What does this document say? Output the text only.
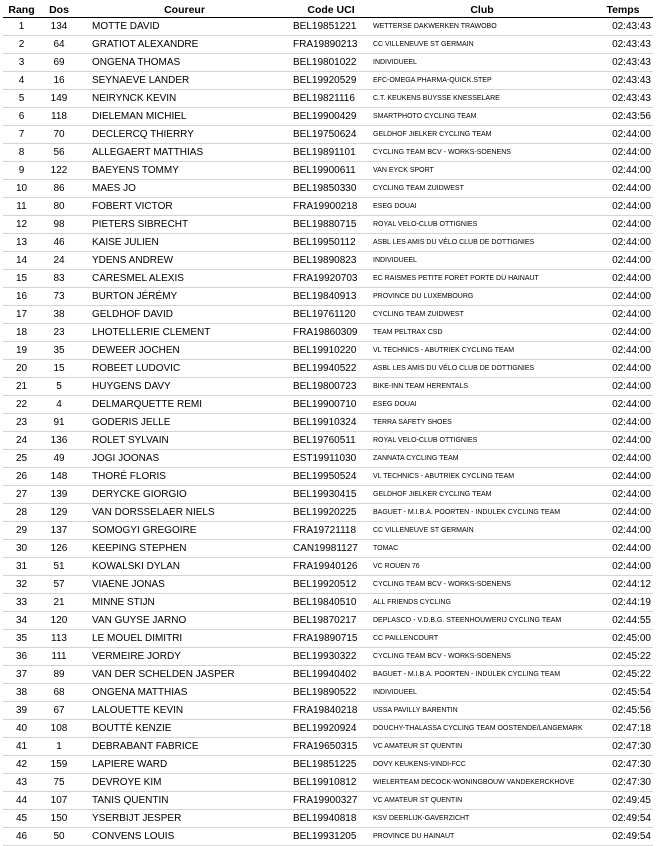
Rang	Dos	Coureur	Code UCI	Club	Temps
1	134	MOTTE DAVID	BEL19851221	WETTERSE DAKWERKEN TRAWOBO	02:43:43
2	64	GRATIOT ALEXANDRE	FRA19890213	CC VILLENEUVE ST GERMAIN	02:43:43
3	69	ONGENA THOMAS	BEL19801022	INDIVIDUEEL	02:43:43
4	16	SEYNAEVE LANDER	BEL19920529	EFC-OMEGA PHARMA-QUICK.STEP	02:43:43
5	149	NEIRYNCK KEVIN	BEL19821116	C.T. KEUKENS BUYSSE KNESSELARE	02:43:43
6	118	DIELEMAN MICHIEL	BEL19900429	SMARTPHOTO CYCLING TEAM	02:43:56
7	70	DECLERCQ THIERRY	BEL19750624	GELDHOF JIELKER CYCLING TEAM	02:44:00
8	56	ALLEGAERT MATTHIAS	BEL19891101	CYCLING TEAM BCV - WORKS-SOENENS	02:44:00
9	122	BAEYENS TOMMY	BEL19900611	VAN EYCK SPORT	02:44:00
10	86	MAES JO	BEL19850330	CYCLING TEAM ZUIDWEST	02:44:00
11	80	FOBERT VICTOR	FRA19900218	ESEG DOUAI	02:44:00
12	98	PIETERS SIBRECHT	BEL19880715	ROYAL VELO-CLUB OTTIGNIES	02:44:00
13	46	KAISE JULIEN	BEL19950112	ASBL LES AMIS DU VÉLO CLUB DE DOTTIGNIES	02:44:00
14	24	YDENS ANDREW	BEL19890823	INDIVIDUEEL	02:44:00
15	83	CARESMEL ALEXIS	FRA19920703	EC RAISMES PETITE FORET PORTE DU HAINAUT	02:44:00
16	73	BURTON JÉRÉMY	BEL19840913	PROVINCE DU LUXEMBOURG	02:44:00
17	38	GELDHOF DAVID	BEL19761120	CYCLING TEAM ZUIDWEST	02:44:00
18	23	LHOTELLERIE CLEMENT	FRA19860309	TEAM PELTRAX CSD	02:44:00
19	35	DEWEER JOCHEN	BEL19910220	VL TECHNICS - ABUTRIEK CYCLING TEAM	02:44:00
20	15	ROBEET LUDOVIC	BEL19940522	ASBL LES AMIS DU VÉLO CLUB DE DOTTIGNIES	02:44:00
21	5	HUYGENS DAVY	BEL19800723	BIKE-INN TEAM HERENTALS	02:44:00
22	4	DELMARQUETTE REMI	BEL19900710	ESEG DOUAI	02:44:00
23	91	GODERIS JELLE	BEL19910324	TERRA SAFETY SHOES	02:44:00
24	136	ROLET SYLVAIN	BEL19760511	ROYAL VELO-CLUB OTTIGNIES	02:44:00
25	49	JOGI JOONAS	EST19911030	ZANNATA CYCLING TEAM	02:44:00
26	148	THORÉ FLORIS	BEL19950524	VL TECHNICS - ABUTRIEK CYCLING TEAM	02:44:00
27	139	DERYCKE GIORGIO	BEL19930415	GELDHOF JIELKER CYCLING TEAM	02:44:00
28	129	VAN DORSSELAER NIELS	BEL19920225	BAGUET - M.I.B.A. POORTEN - INDULEK CYCLING TEAM	02:44:00
29	137	SOMOGYI GREGOIRE	FRA19721118	CC VILLENEUVE ST GERMAIN	02:44:00
30	126	KEEPING STEPHEN	CAN19981127	TOMAC	02:44:00
31	51	KOWALSKI DYLAN	FRA19940126	VC ROUEN 76	02:44:00
32	57	VIAENE JONAS	BEL19920512	CYCLING TEAM BCV - WORKS-SOENENS	02:44:12
33	21	MINNE STIJN	BEL19840510	ALL FRIENDS CYCLING	02:44:19
34	120	VAN GUYSE JARNO	BEL19870217	DEPLASCO - V.D.B.G. STEENHOUWERIJ CYCLING TEAM	02:44:55
35	113	LE MOUEL DIMITRI	FRA19890715	CC PAILLENCOURT	02:45:00
36	111	VERMEIRE JORDY	BEL19930322	CYCLING TEAM BCV - WORKS-SOENENS	02:45:22
37	89	VAN DER SCHELDEN JASPER	BEL19940402	BAGUET - M.I.B.A. POORTEN - INDULEK CYCLING TEAM	02:45:22
38	68	ONGENA MATTHIAS	BEL19890522	INDIVIDUEEL	02:45:54
39	67	LALOUETTE KEVIN	FRA19840218	USSA PAVILLY BARENTIN	02:45:56
40	108	BOUTTÉ KENZIE	BEL19920924	DOUCHY-THALASSA CYCLING TEAM OOSTENDE/LANGEMARK	02:47:18
41	1	DEBRABANT FABRICE	FRA19650315	VC AMATEUR ST QUENTIN	02:47:30
42	159	LAPIERE WARD	BEL19851225	DOVY KEUKENS-VINDI-FCC	02:47:30
43	75	DEVROYE KIM	BEL19910812	WIELERTEAM DECOCK-WONINGBOUW VANDEKERCKHOVE	02:47:30
44	107	TANIS QUENTIN	FRA19900327	VC AMATEUR ST QUENTIN	02:49:45
45	150	YSERBIJT JESPER	BEL19940818	KSV DEERLIJK-GAVERZICHT	02:49:54
46	50	CONVENS LOUIS	BEL19931205	PROVINCE DU HAINAUT	02:49:54
